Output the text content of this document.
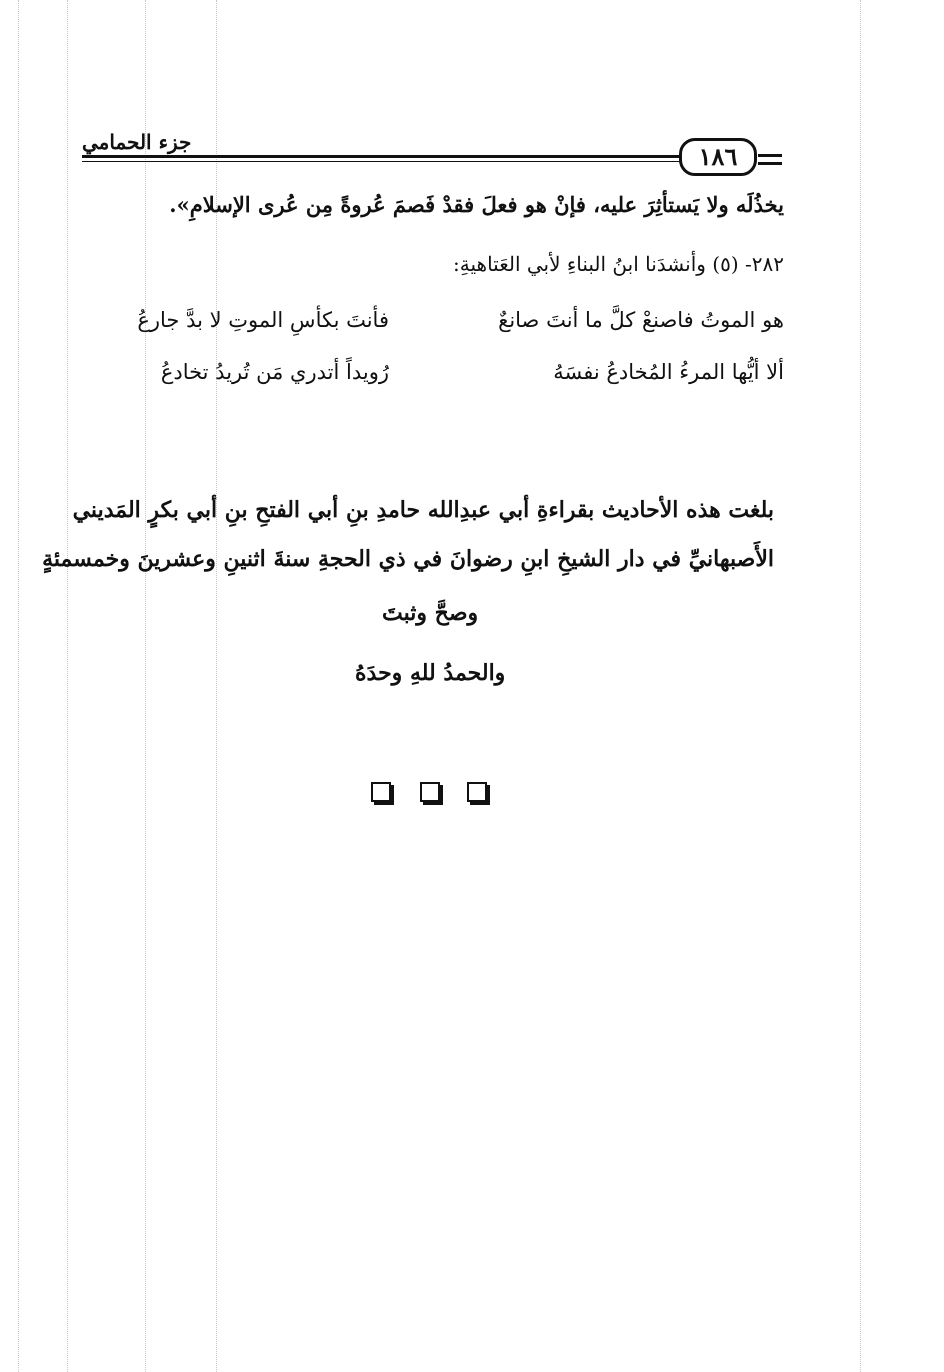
جزء الحمامي	١٨٦
يخذُلَه ولا يَستأثِرَ عليه، فإنْ هو فعلَ فقدْ فَصمَ عُروةً مِن عُرى الإسلامِ».
٢٨٢- (٥) وأنشدَنا ابنُ البناءِ لأبي العَتاهيةِ:
هو الموتُ فاصنعْ كلَّ ما أنتَ صانعٌ
فأنتَ بكأسِ الموتِ لا بدَّ جارعُ
ألا أيُّها المرءُ المُخادعُ نفسَهُ
رُويداً أتدري مَن تُريدُ تخادعُ
بلغت هذه الأحاديث بقراءةِ أبي عبدِالله حامدِ بنِ أبي الفتحِ بنِ أبي بكرٍ المَديني
الأَصبهانيِّ في دار الشيخِ ابنِ رضوانَ في ذي الحجةِ سنةَ اثنينِ وعشرينَ وخمسمئةٍ
وصحَّ وثبتَ
والحمدُ للهِ وحدَهُ
